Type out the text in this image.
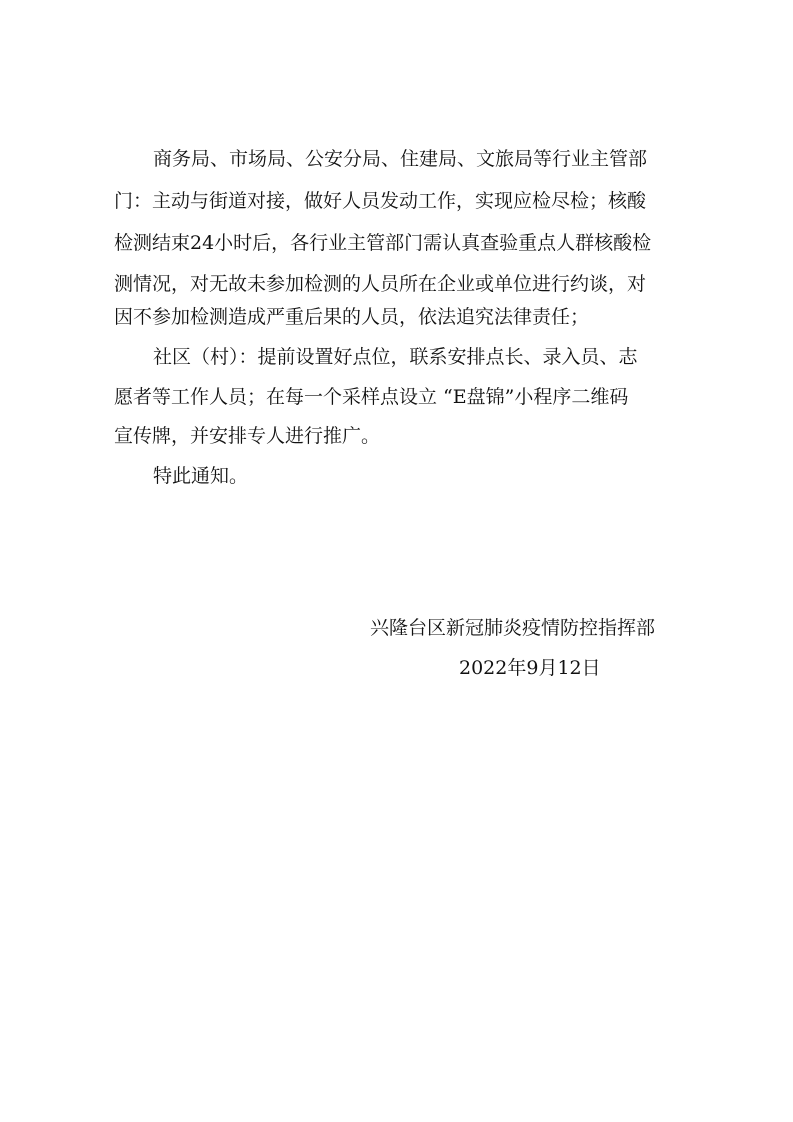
商务局、市场局、公安分局、住建局、文旅局等行业主管部
门：主动与街道对接，做好人员发动工作，实现应检尽检；核酸
检测结束24小时后，各行业主管部门需认真查验重点人群核酸检
测情况，对无故未参加检测的人员所在企业或单位进行约谈，对
因不参加检测造成严重后果的人员，依法追究法律责任；
社区（村）：提前设置好点位，联系安排点长、录入员、志
愿者等工作人员；在每一个采样点设立 “E盘锦”小程序二维码
宣传牌，并安排专人进行推广。
特此通知。
兴隆台区新冠肺炎疫情防控指挥部
2022年9月12日
